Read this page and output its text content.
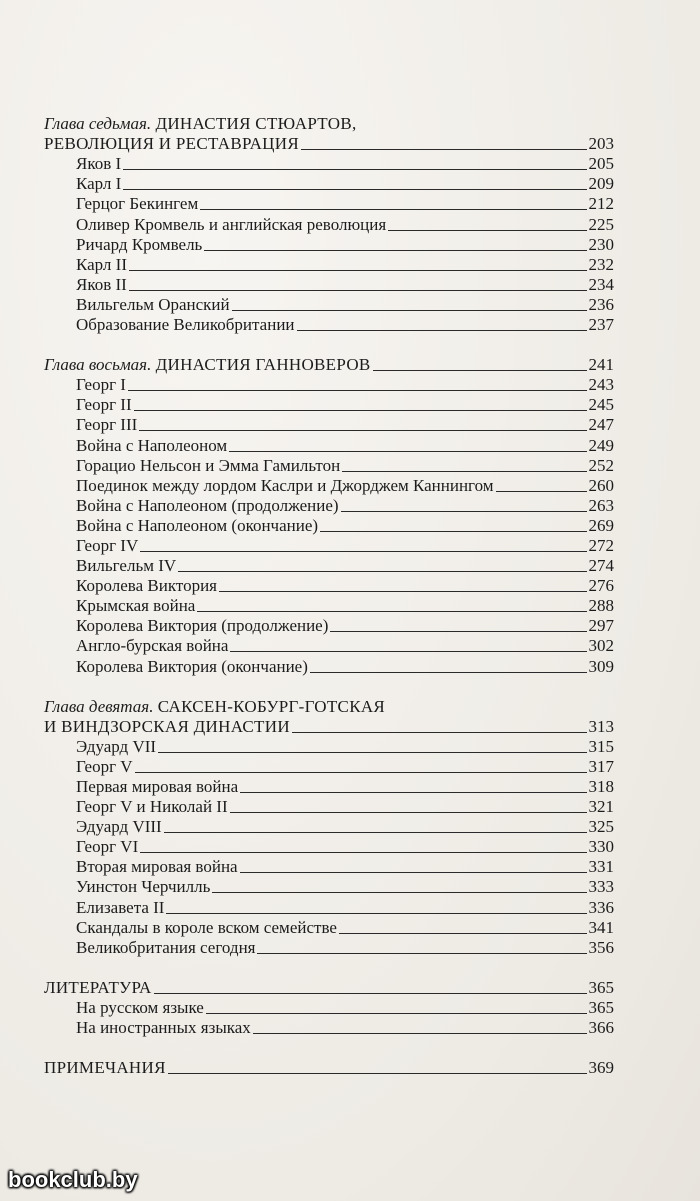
Глава седьмая. ДИНАСТИЯ СТЮАРТОВ,
РЕВОЛЮЦИЯ И РЕСТАВРАЦИЯ	203
Яков I	205
Карл I	209
Герцог Бекингем	212
Оливер Кромвель и английская революция	225
Ричард Кромвель	230
Карл II	232
Яков II	234
Вильгельм Оранский	236
Образование Великобритании	237
Глава восьмая. ДИНАСТИЯ ГАННОВЕРОВ	241
Георг I	243
Георг II	245
Георг III	247
Война с Наполеоном	249
Горацио Нельсон и Эмма Гамильтон	252
Поединок между лордом Каслри и Джорджем Каннингом	260
Война с Наполеоном (продолжение)	263
Война с Наполеоном (окончание)	269
Георг IV	272
Вильгельм IV	274
Королева Виктория	276
Крымская война	288
Королева Виктория (продолжение)	297
Англо-бурская война	302
Королева Виктория (окончание)	309
Глава девятая. САКСЕН-КОБУРГ-ГОТСКАЯ
И ВИНДЗОРСКАЯ ДИНАСТИИ	313
Эдуард VII	315
Георг V	317
Первая мировая война	318
Георг V и Николай II	321
Эдуард VIII	325
Георг VI	330
Вторая мировая война	331
Уинстон Черчилль	333
Елизавета II	336
Скандалы в короле вском семействе	341
Великобритания сегодня	356
ЛИТЕРАТУРА	365
На русском языке	365
На иностранных языках	366
ПРИМЕЧАНИЯ	369
bookclub.by
